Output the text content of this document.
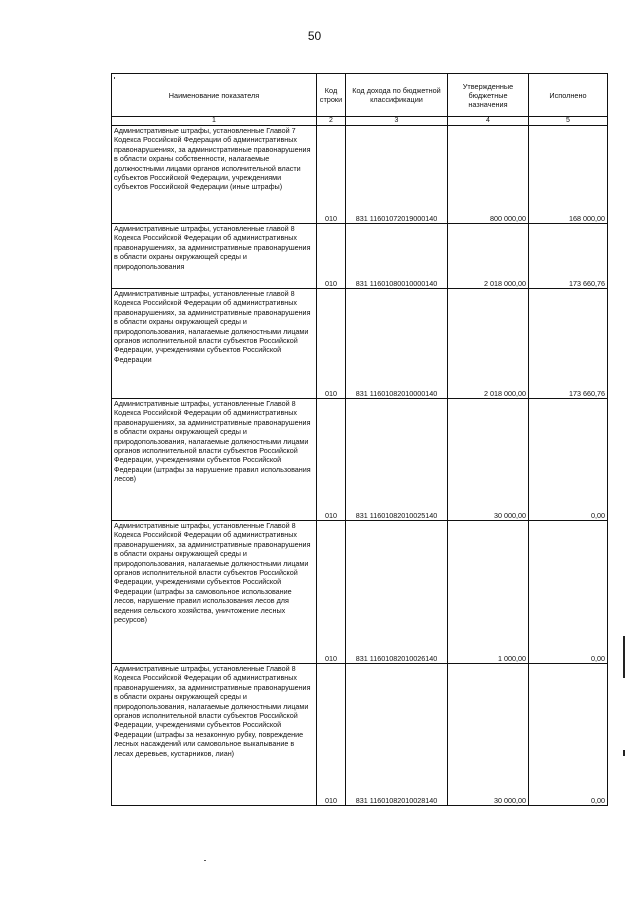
50
Наименование показателя	Код строки	Код дохода по бюджетной классификации	Утвержденные бюджетные назначения	Исполнено
1	2	3	4	5
Административные штрафы, установленные Главой 7 Кодекса Российской Федерации об административных правонарушениях, за административные правонарушения в области охраны собственности, налагаемые должностными лицами органов исполнительной власти субъектов Российской Федерации, учреждениями субъектов Российской Федерации (иные штрафы)	010	831 11601072019000140	800 000,00	168 000,00
Административные штрафы, установленные главой 8 Кодекса Российской Федерации об административных правонарушениях, за административные правонарушения в области охраны окружающей среды и природопользования	010	831 11601080010000140	2 018 000,00	173 660,76
Административные штрафы, установленные главой 8 Кодекса Российской Федерации об административных правонарушениях, за административные правонарушения в области охраны окружающей среды и природопользования, налагаемые должностными лицами органов исполнительной власти субъектов Российской Федерации, учреждениями субъектов Российской Федерации	010	831 11601082010000140	2 018 000,00	173 660,76
Административные штрафы, установленные Главой 8 Кодекса Российской Федерации об административных правонарушениях, за административные правонарушения в области охраны окружающей среды и природопользования, налагаемые должностными лицами органов исполнительной власти субъектов Российской Федерации, учреждениями субъектов Российской Федерации (штрафы за нарушение правил использования лесов)	010	831 11601082010025140	30 000,00	0,00
Административные штрафы, установленные Главой 8 Кодекса Российской Федерации об административных правонарушениях, за административные правонарушения в области охраны окружающей среды и природопользования, налагаемые должностными лицами органов исполнительной власти субъектов Российской Федерации, учреждениями субъектов Российской Федерации (штрафы за самовольное использование лесов, нарушение правил использования лесов для ведения сельского хозяйства, уничтожение лесных ресурсов)	010	831 11601082010026140	1 000,00	0,00
Административные штрафы, установленные Главой 8 Кодекса Российской Федерации об административных правонарушениях, за административные правонарушения в области охраны окружающей среды и природопользования, налагаемые должностными лицами органов исполнительной власти субъектов Российской Федерации, учреждениями субъектов Российской Федерации (штрафы за незаконную рубку, повреждение лесных насаждений или самовольное выкапывание в лесах деревьев, кустарников, лиан)	010	831 11601082010028140	30 000,00	0,00
